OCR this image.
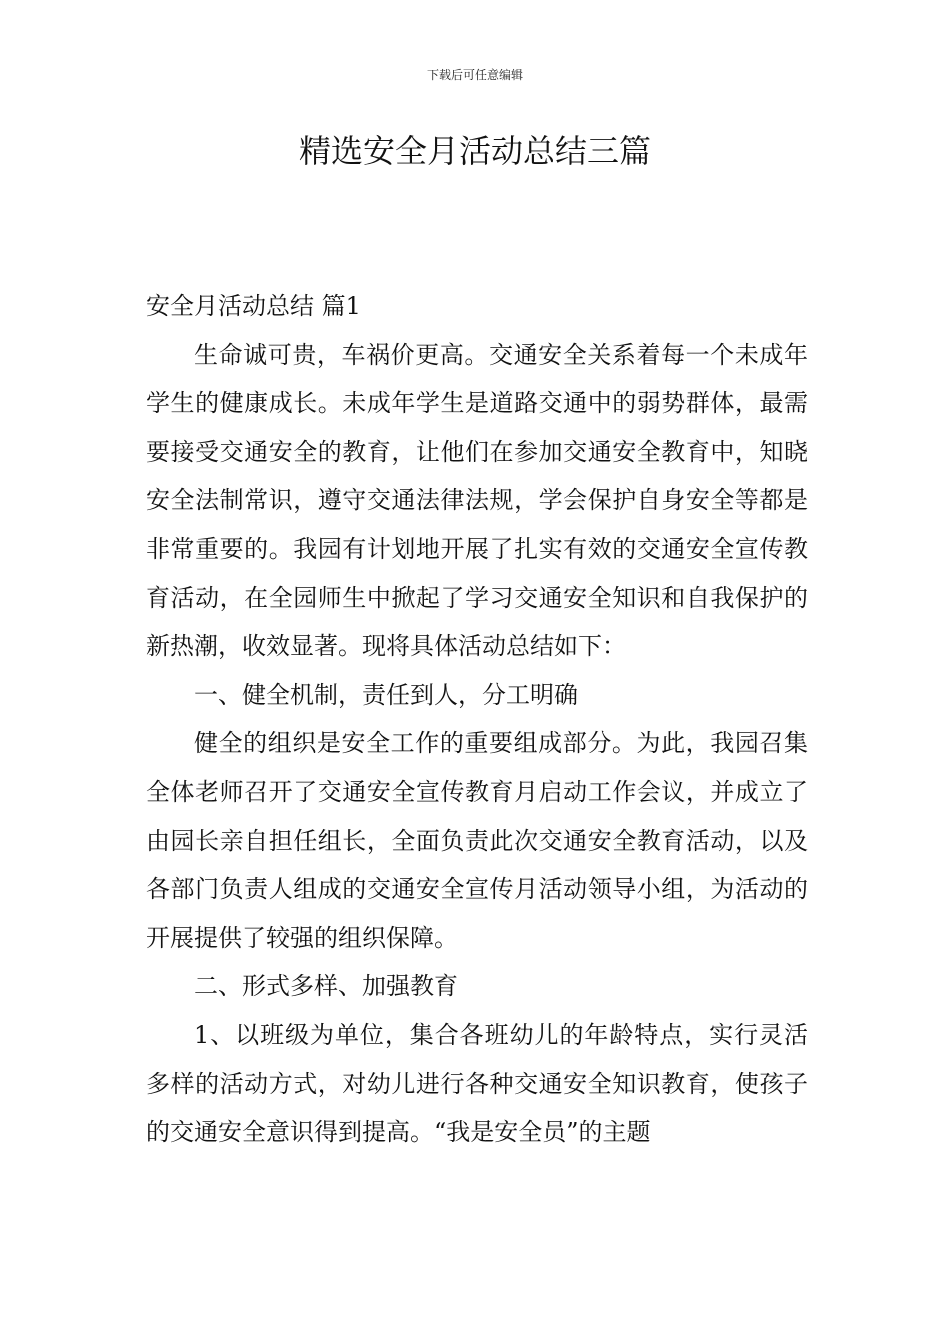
下载后可任意编辑
精选安全月活动总结三篇

安全月活动总结 篇1

生命诚可贵，车祸价更高。交通安全关系着每一个未成年学生的健康成长。未成年学生是道路交通中的弱势群体，最需要接受交通安全的教育，让他们在参加交通安全教育中，知晓安全法制常识，遵守交通法律法规，学会保护自身安全等都是非常重要的。我园有计划地开展了扎实有效的交通安全宣传教育活动，在全园师生中掀起了学习交通安全知识和自我保护的新热潮，收效显著。现将具体活动总结如下：

一、健全机制，责任到人，分工明确

健全的组织是安全工作的重要组成部分。为此，我园召集全体老师召开了交通安全宣传教育月启动工作会议，并成立了由园长亲自担任组长，全面负责此次交通安全教育活动，以及各部门负责人组成的交通安全宣传月活动领导小组，为活动的开展提供了较强的组织保障。

二、形式多样、加强教育

1、以班级为单位，集合各班幼儿的年龄特点，实行灵活多样的活动方式，对幼儿进行各种交通安全知识教育，使孩子的交通安全意识得到提高。“我是安全员”的主题
